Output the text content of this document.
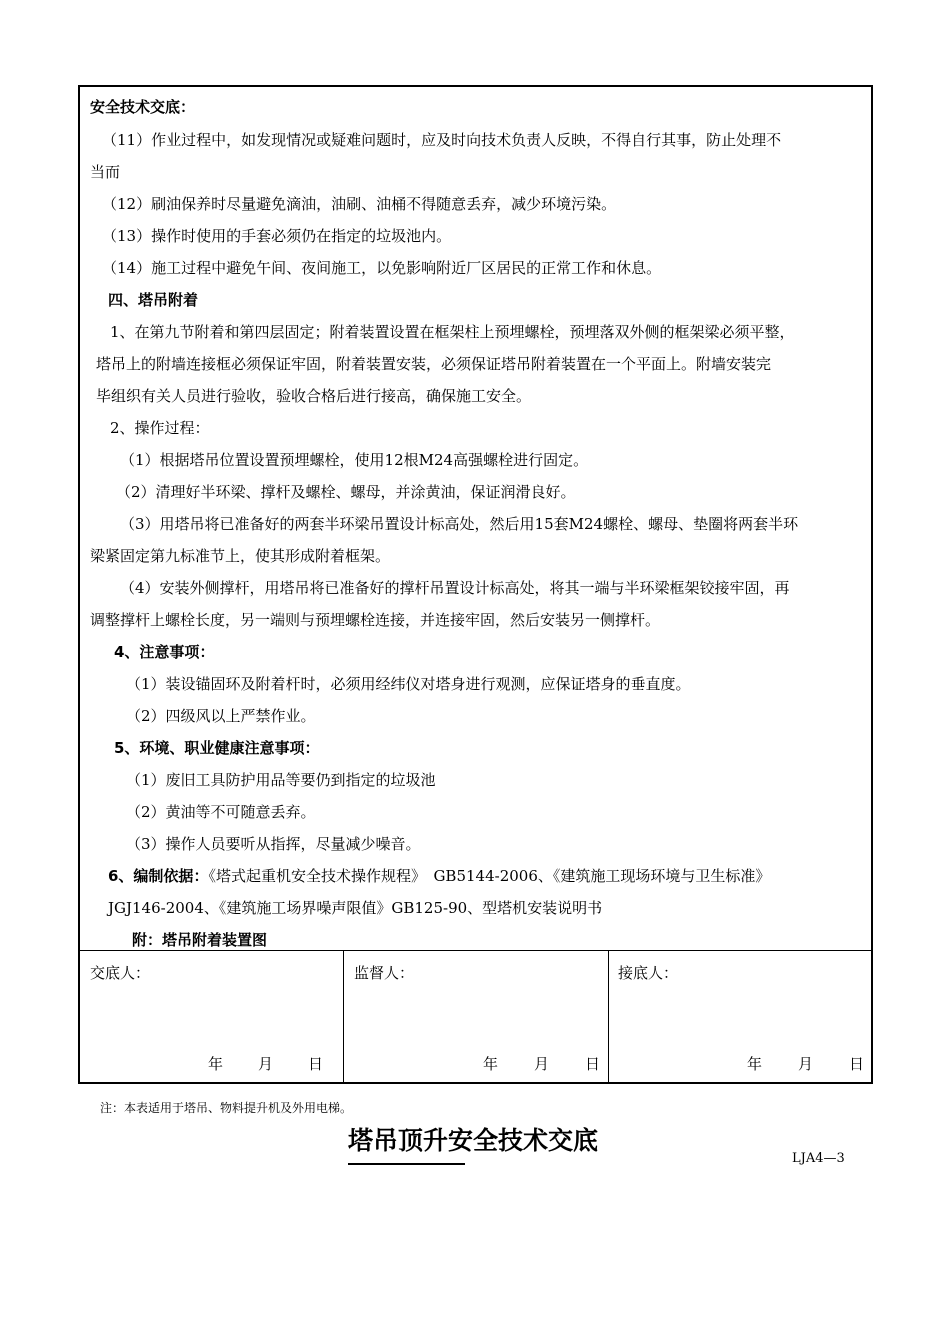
安全技术交底：
（11）作业过程中，如发现情况或疑难问题时，应及时向技术负责人反映，不得自行其事，防止处理不
当而
（12）刷油保养时尽量避免滴油，油刷、油桶不得随意丢弃，减少环境污染。
（13）操作时使用的手套必须仍在指定的垃圾池内。
（14）施工过程中避免午间、夜间施工，以免影响附近厂区居民的正常工作和休息。
四、塔吊附着
1、在第九节附着和第四层固定；附着装置设置在框架柱上预埋螺栓，预埋落双外侧的框架梁必须平整，
塔吊上的附墙连接框必须保证牢固，附着装置安装，必须保证塔吊附着装置在一个平面上。附墙安装完
毕组织有关人员进行验收，验收合格后进行接高，确保施工安全。
2、操作过程：
（1）根据塔吊位置设置预埋螺栓，使用12根M24高强螺栓进行固定。
（2）清理好半环梁、撑杆及螺栓、螺母，并涂黄油，保证润滑良好。
（3）用塔吊将已准备好的两套半环梁吊置设计标高处，然后用15套M24螺栓、螺母、垫圈将两套半环
梁紧固定第九标准节上，使其形成附着框架。
（4）安装外侧撑杆，用塔吊将已准备好的撑杆吊置设计标高处，将其一端与半环梁框架铰接牢固，再
调整撑杆上螺栓长度，另一端则与预埋螺栓连接，并连接牢固，然后安装另一侧撑杆。
4、注意事项：
（1）装设锚固环及附着杆时，必须用经纬仪对塔身进行观测，应保证塔身的垂直度。
（2）四级风以上严禁作业。
5、环境、职业健康注意事项：
（1）废旧工具防护用品等要仍到指定的垃圾池
（2）黄油等不可随意丢弃。
（3）操作人员要听从指挥，尽量减少噪音。
6、编制依据：《塔式起重机安全技术操作规程》　GB5144-2006、《建筑施工现场环境与卫生标准》
JGJ146-2004、《建筑施工场界噪声限值》GB125-90、型塔机安装说明书
附：塔吊附着装置图
交底人：	监督人：	接底人：
年 月 日	年 月 日	年 月 日
注：本表适用于塔吊、物料提升机及外用电梯。
塔吊顶升安全技术交底
LJA4—3
